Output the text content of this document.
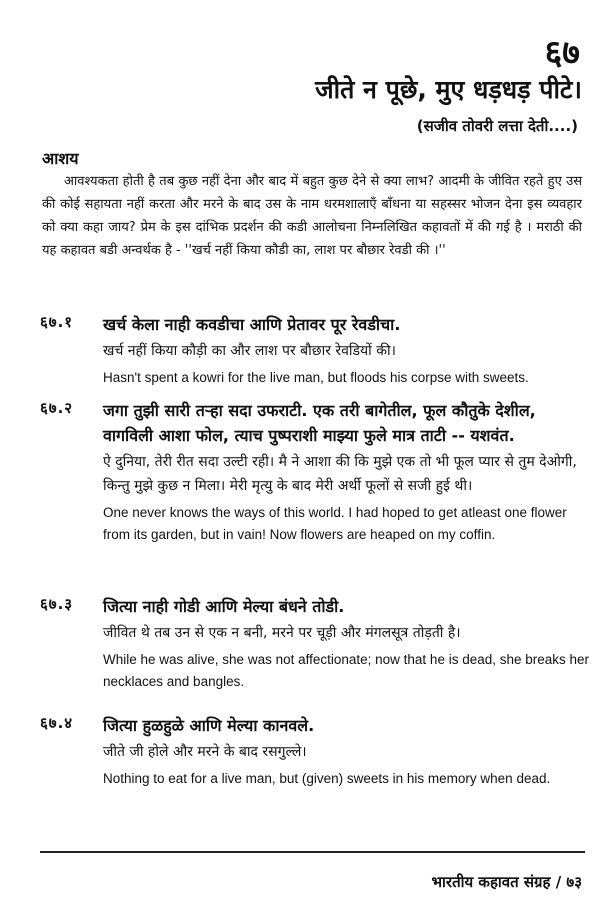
६७
जीते न पूछे, मुए धड़धड़ पीटे।
(सजीव तोवरी लत्ता देती....)
आशय
आवश्यकता होती है तब कुछ नहीं देना और बाद में बहुत कुछ देने से क्या लाभ? आदमी के जीवित रहते हुए उस की कोई सहायता नहीं करता और मरने के बाद उस के नाम धरमशालाएँ बाँधना या सहस्सर भोजन देना इस व्यवहार को क्या कहा जाय? प्रेम के इस दांभिक प्रदर्शन की कडी आलोचना निम्नलिखित कहावतों में की गई है । मराठी की यह कहावत बडी अन्वर्थक है - ''खर्च नहीं किया कौडी का, लाश पर बौछार रेवडी की ।''
६७.१ खर्च केला नाही कवडीचा आणि प्रेतावर पूर रेवडीचा.
खर्च नहीं किया कौड़ी का और लाश पर बौछार रेवडियों की।
Hasn't spent a kowri for the live man, but floods his corpse with sweets.
६७.२ जगा तुझी सारी तऱ्हा सदा उफराटी. एक तरी बागेतील, फूल कौतुके देशील, वागविली आशा फोल, त्याच पुष्पराशी माझ्या फुले मात्र ताटी -- यशवंत.
ऐ दुनिया, तेरी रीत सदा उल्टी रही। मै ने आशा की कि मुझे एक तो भी फूल प्यार से तुम देओगी, किन्तु मुझे कुछ न मिला। मेरी मृत्यु के बाद मेरी अर्थी फूलों से सजी हुई थी।
One never knows the ways of this world. I had hoped to get atleast one flower from its garden, but in vain! Now flowers are heaped on my coffin.
६७.३ जित्या नाही गोडी आणि मेल्या बंधने तोडी.
जीवित थे तब उन से एक न बनी, मरने पर चूड़ी और मंगलसूत्र तोड़ती है।
While he was alive, she was not affectionate; now that he is dead, she breaks her necklaces and bangles.
६७.४ जित्या हुळहुळे आणि मेल्या कानवले.
जीते जी होले और मरने के बाद रसगुल्ले।
Nothing to eat for a live man, but (given) sweets in his memory when dead.
भारतीय कहावत संग्रह / ७३
